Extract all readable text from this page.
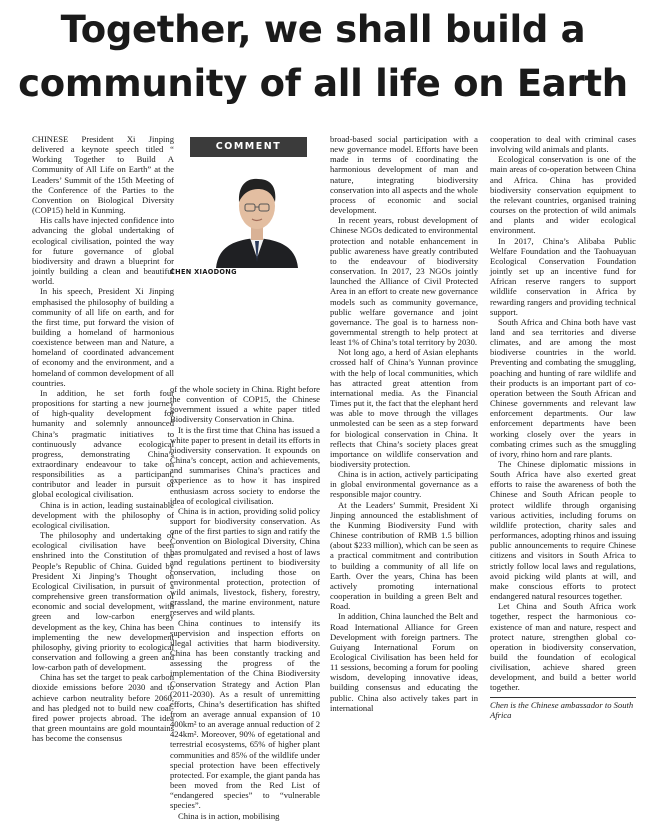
Together, we shall build a
community of all life on Earth

CHINESE President Xi Jinping delivered a keynote speech titled “ Working Together to Build A Community of All Life on Earth” at the Leaders’ Summit of the 15th Meeting of the Conference of the Parties to the Convention on Biological Diversity (COP15) held in Kunming.

His calls have injected confidence into advancing the global undertaking of ecological civilisation, pointed the way for future governance of global biodiversity and drawn a blueprint for jointly building a clean and beautiful world.

In his speech, President Xi Jinping emphasised the philosophy of building a community of all life on earth, and for the first time, put forward the vision of building a homeland of harmonious coexistence between man and Nature, a homeland of coordinated advancement of economy and the environment, and a homeland of common development of all countries.

In addition, he set forth four propositions for starting a new journey of high-quality development for humanity and solemnly announced China’s pragmatic initiatives to continuously advance ecological progress, demonstrating China’s extraordinary endeavour to take on responsibilities as a participant, contributor and leader in pursuit of global ecological civilisation.

China is in action, leading sustainable development with the philosophy of ecological civilisation.

The philosophy and undertaking of ecological civilisation have been enshrined into the Constitution of the People’s Republic of China. Guided by President Xi Jinping’s Thought on Ecological Civilisation, in pursuit of a comprehensive green transformation of economic and social development, with green and low-carbon energy development as the key, China has been implementing the new development philosophy, giving priority to ecological conservation and following a green and low-carbon path of development.

China has set the target to peak carbon dioxide emissions before 2030 and to achieve carbon neutrality before 2060, and has pledged not to build new coal-fired power projects abroad. The idea that green mountains are gold mountains has become the consensus

COMMENT
CHEN XIAODONG

of the whole society in China. Right before the convention of COP15, the Chinese government issued a white paper titled Biodiversity Conservation in China.

It is the first time that China has issued a white paper to present in detail its efforts in biodiversity conservation. It expounds on China’s concept, action and achievements, and summarises China’s practices and experience as to how it has inspired enthusiasm across society to endorse the idea of ecological civilisation.

China is in action, providing solid policy support for biodiversity conservation. As one of the first parties to sign and ratify the Convention on Biological Diversity, China has promulgated and revised a host of laws and regulations pertinent to biodiversity conservation, including those on environmental protection, protection of wild animals, livestock, fishery, forestry, grassland, the marine environment, nature reserves and wild plants.

China continues to intensify its supervision and inspection efforts on illegal activities that harm biodiversity. China has been constantly tracking and assessing the progress of the implementation of the China Biodiversity Conservation Strategy and Action Plan (2011-2030). As a result of unremitting efforts, China’s desertification has shifted from an average annual expansion of 10 400km² to an average annual reduction of 2 424km². Moreover, 90% of egetational and terrestrial ecosystems, 65% of higher plant communities and 85% of the wildlife under special protection have been effectively protected. For example, the giant panda has been moved from the Red List of “endangered species” to “vulnerable species”.

China is in action, mobilising

broad-based social participation with a new governance model. Efforts have been made in terms of coordinating the harmonious development of man and nature, integrating biodiversity conservation into all aspects and the whole process of economic and social development.

In recent years, robust development of Chinese NGOs dedicated to environmental protection and notable enhancement in public awareness have greatly contributed to the endeavour of biodiversity conservation. In 2017, 23 NGOs jointly launched the Alliance of Civil Protected Area in an effort to create new governance models such as community governance, public welfare governance and joint governance. The goal is to harness non-governmental strength to help protect at least 1% of China’s total territory by 2030.

Not long ago, a herd of Asian elephants crossed half of China’s Yunnan province with the help of local communities, which has attracted great attention from international media. As the Financial Times put it, the fact that the elephant herd was able to move through the villages unmolested can be seen as a step forward for biological conservation in China. It reflects that China’s society places great importance on wildlife conservation and biodiversity protection.

China is in action, actively participating in global environmental governance as a responsible major country.

At the Leaders’ Summit, President Xi Jinping announced the establishment of the Kunming Biodiversity Fund with Chinese contribution of RMB 1.5 billion (about $233 million), which can be seen as a practical commitment and contribution to building a community of all life on Earth. Over the years, China has been actively promoting international cooperation in building a green Belt and Road.

In addition, China launched the Belt and Road International Alliance for Green Development with foreign partners. The Guiyang International Forum on Ecological Civilisation has been held for 11 sessions, becoming a forum for pooling wisdom, developing innovative ideas, building consensus and educating the public. China also actively takes part in international

cooperation to deal with criminal cases involving wild animals and plants.

Ecological conservation is one of the main areas of co-operation between China and Africa. China has provided biodiversity conservation equipment to the relevant countries, organised training courses on the protection of wild animals and plants and wider ecological environment.

In 2017, China’s Alibaba Public Welfare Foundation and the Taohuayuan Ecological Conservation Foundation jointly set up an incentive fund for African reserve rangers to support wildlife conservation in Africa by rewarding rangers and providing technical support.

South Africa and China both have vast land and sea territories and diverse climates, and are among the most biodiverse countries in the world. Preventing and combating the smuggling, poaching and hunting of rare wildlife and their products is an important part of co-operation between the South African and Chinese governments and relevant law enforcement departments. Our law enforcement departments have been working closely over the years in combating crimes such as the smuggling of ivory, rhino horn and rare plants.

The Chinese diplomatic missions in South Africa have also exerted great efforts to raise the awareness of both the Chinese and South African people to protect wildlife through organising various activities, including forums on wildlife protection, charity sales and performances, adopting rhinos and issuing public announcements to require Chinese citizens and visitors in South Africa to strictly follow local laws and regulations, avoid picking wild plants at will, and make conscious efforts to protect endangered natural resources together.

Let China and South Africa work together, respect the harmonious co-existence of man and nature, respect and protect nature, strengthen global co-operation in biodiversity conservation, build the foundation of ecological civilisation, achieve shared green development, and build a better world together.

Chen is the Chinese ambassador to South Africa
